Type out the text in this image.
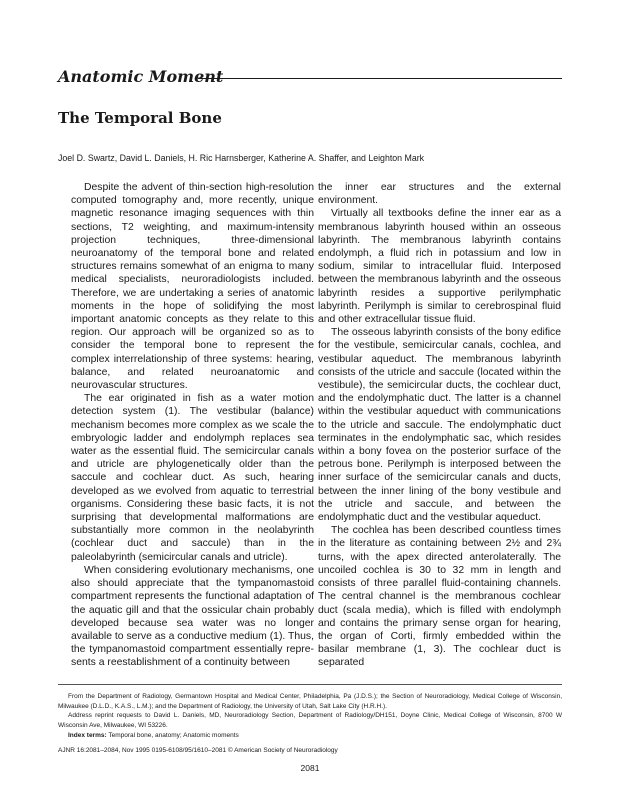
Anatomic Moment
The Temporal Bone
Joel D. Swartz, David L. Daniels, H. Ric Harnsberger, Katherine A. Shaffer, and Leighton Mark

Despite the advent of thin-section high-resolution computed tomography and, more recently, unique magnetic resonance imaging sequences with thin sections, T2 weighting, and maximum-intensity projection techniques, three-dimensional neuroanatomy of the temporal bone and related structures remains somewhat of an enigma to many medical specialists, neuroradiologists included. Therefore, we are undertaking a series of anatomic moments in the hope of solidifying the most important anatomic concepts as they relate to this region. Our approach will be organized so as to consider the temporal bone to represent the complex interrelationship of three systems: hearing, balance, and related neuroanatomic and neurovascular structures.

The ear originated in fish as a water motion detection system (1). The vestibular (balance) mechanism becomes more complex as we scale the embryologic ladder and endolymph replaces sea water as the essential fluid. The semicircular canals and utricle are phylogenetically older than the saccule and cochlear duct. As such, hearing developed as we evolved from aquatic to terrestrial organisms. Considering these basic facts, it is not surprising that developmental malformations are substantially more common in the neolabyrinth (cochlear duct and saccule) than in the paleolabyrinth (semicircular canals and utricle).

When considering evolutionary mechanisms, one also should appreciate that the tympanomastoid compartment represents the functional adaptation of the aquatic gill and that the ossicular chain probably developed because sea water was no longer available to serve as a conductive medium (1). Thus, the tympanomastoid compartment essentially represents a reestablishment of a continuity between

the inner ear structures and the external environment.

Virtually all textbooks define the inner ear as a membranous labyrinth housed within an osseous labyrinth. The membranous labyrinth contains endolymph, a fluid rich in potassium and low in sodium, similar to intracellular fluid. Interposed between the membranous labyrinth and the osseous labyrinth resides a supportive perilymphatic labyrinth. Perilymph is similar to cerebrospinal fluid and other extracellular tissue fluid.

The osseous labyrinth consists of the bony edifice for the vestibule, semicircular canals, cochlea, and vestibular aqueduct. The membranous labyrinth consists of the utricle and saccule (located within the vestibule), the semicircular ducts, the cochlear duct, and the endolymphatic duct. The latter is a channel within the vestibular aqueduct with communications to the utricle and saccule. The endolymphatic duct terminates in the endolymphatic sac, which resides within a bony fovea on the posterior surface of the petrous bone. Perilymph is interposed between the inner surface of the semicircular canals and ducts, between the inner lining of the bony vestibule and the utricle and saccule, and between the endolymphatic duct and the vestibular aqueduct.

The cochlea has been described countless times in the literature as containing between 2½ and 2¾ turns, with the apex directed anterolaterally. The uncoiled cochlea is 30 to 32 mm in length and consists of three parallel fluid-containing channels. The central channel is the membranous cochlear duct (scala media), which is filled with endolymph and contains the primary sense organ for hearing, the organ of Corti, firmly embedded within the basilar membrane (1, 3). The cochlear duct is separated

From the Department of Radiology, Germantown Hospital and Medical Center, Philadelphia, Pa (J.D.S.); the Section of Neuroradiology, Medical College of Wisconsin, Milwaukee (D.L.D., K.A.S., L.M.); and the Department of Radiology, the University of Utah, Salt Lake City (H.R.H.).

Address reprint requests to David L. Daniels, MD, Neuroradiology Section, Department of Radiology/DH151, Doyne Clinic, Medical College of Wisconsin, 8700 W Wisconsin Ave, Milwaukee, WI 53226.

Index terms: Temporal bone, anatomy; Anatomic moments

AJNR 16:2081–2084, Nov 1995 0195-6108/95/1610–2081 © American Society of Neuroradiology

2081
